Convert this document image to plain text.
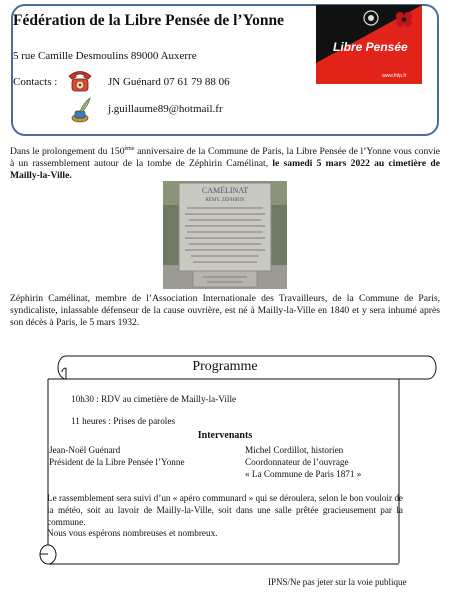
Fédération de la Libre Pensée de l’Yonne
5 rue Camille Desmoulins 89000 Auxerre
Contacts :	JN Guénard 07 61 79 88 06
j.guillaume89@hotmail.fr
Libre Pensée
www.fnlp.fr

Dans le prolongement du 150ème anniversaire de la Commune de Paris, la Libre Pensée de l’Yonne vous convie à un rassemblement autour de la tombe de Zéphirin Camélinat, le samedi 5 mars 2022 au cimetière de Mailly-la-Ville.

CAMÉLINAT
RÉMY. ZÉPHIRIN

Zéphirin Camélinat, membre de l’Association Internationale des Travailleurs, de la Commune de Paris, syndicaliste, inlassable défenseur de la cause ouvrière, est né à Mailly-la-Ville en 1840 et y sera inhumé après son décès à Paris, le 5 mars 1932.

Programme
10h30 : RDV au cimetière de Mailly-la-Ville
11 heures : Prises de paroles
Intervenants
Jean-Noël Guénard
Président de la Libre Pensée l’Yonne
Michel Cordillot, historien
Coordonnateur de l’ouvrage
« La Commune de Paris 1871 »
Le rassemblement sera suivi d’un « apéro communard » qui se déroulera, selon le bon vouloir de la météo, soit au lavoir de Mailly-la-Ville, soit dans une salle prêtée gracieusement par la commune.
Nous vous espérons nombreuses et nombreux.
IPNS/Ne pas jeter sur la voie publique
